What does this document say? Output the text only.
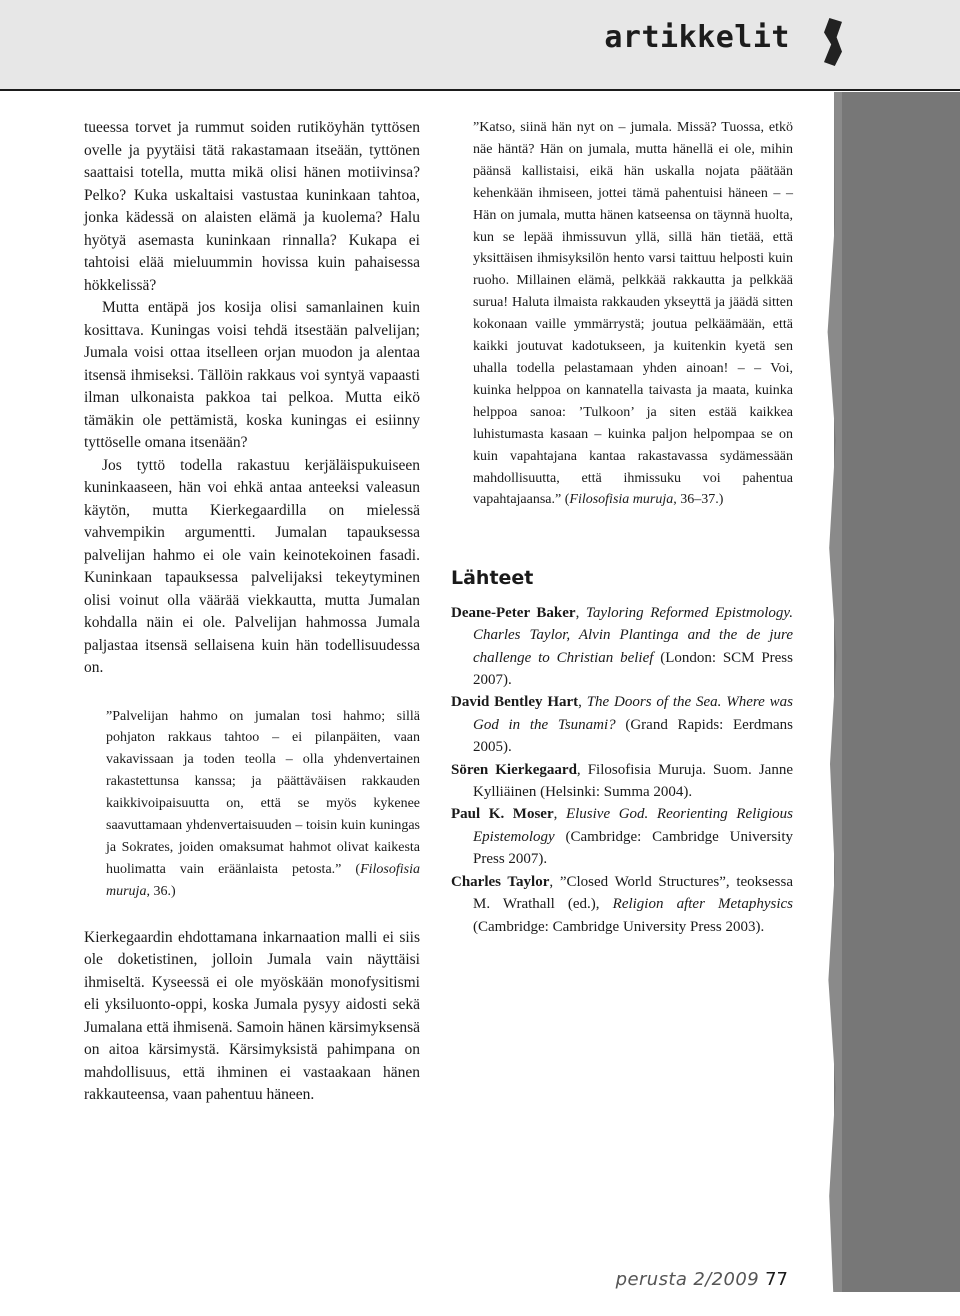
artikkelit

tueessa torvet ja rummut soiden rutiköyhän tyttösen ovelle ja pyytäisi tätä rakastamaan itseään, tyttönen saattaisi totella, mutta mikä olisi hänen motiivinsa? Pelko? Kuka uskaltaisi vastustaa kuninkaan tahtoa, jonka kädessä on alaisten elämä ja kuolema? Halu hyötyä asemasta kuninkaan rinnalla? Kukapa ei tahtoisi elää mieluummin hovissa kuin pahaisessa hökkelissä?

Mutta entäpä jos kosija olisi samanlainen kuin kosittava. Kuningas voisi tehdä itsestään palvelijan; Jumala voisi ottaa itselleen orjan muodon ja alentaa itsensä ihmiseksi. Tällöin rakkaus voi syntyä vapaasti ilman ulkonaista pakkoa tai pelkoa. Mutta eikö tämäkin ole pettämistä, koska kuningas ei esiinny tyttöselle omana itsenään?

Jos tyttö todella rakastuu kerjäläispukuiseen kuninkaaseen, hän voi ehkä antaa anteeksi valeasun käytön, mutta Kierkegaardilla on mielessä vahvempikin argumentti. Jumalan tapauksessa palvelijan hahmo ei ole vain keinotekoinen fasadi. Kuninkaan tapauksessa palvelijaksi tekeytyminen olisi voinut olla väärää viekkautta, mutta Jumalan kohdalla näin ei ole. Palvelijan hahmossa Jumala paljastaa itsensä sellaisena kuin hän todellisuudessa on.

”Palvelijan hahmo on jumalan tosi hahmo; sillä pohjaton rakkaus tahtoo – ei pilanpäiten, vaan vakavissaan ja toden teolla – olla yhdenvertainen rakastettunsa kanssa; ja päättäväisen rakkauden kaikkivoipaisuutta on, että se myös kykenee saavuttamaan yhdenvertaisuuden – toisin kuin kuningas ja Sokrates, joiden omaksumat hahmot olivat kaikesta huolimatta vain eräänlaista petosta.” (Filosofisia muruja, 36.)

Kierkegaardin ehdottamana inkarnaation malli ei siis ole doketistinen, jolloin Jumala vain näyttäisi ihmiseltä. Kyseessä ei ole myöskään monofysitismi eli yksiluonto-oppi, koska Jumala pysyy aidosti sekä Jumalana että ihmisenä. Samoin hänen kärsimyksensä on aitoa kärsimystä. Kärsimyksistä pahimpana on mahdollisuus, että ihminen ei vastaakaan hänen rakkauteensa, vaan pahentuu häneen.

”Katso, siinä hän nyt on – jumala. Missä? Tuossa, etkö näe häntä? Hän on jumala, mutta hänellä ei ole, mihin päänsä kallistaisi, eikä hän uskalla nojata päätään kehenkään ihmiseen, jottei tämä pahentuisi häneen – – Hän on jumala, mutta hänen katseensa on täynnä huolta, kun se lepää ihmissuvun yllä, sillä hän tietää, että yksittäisen ihmisyksilön hento varsi taittuu helposti kuin ruoho. Millainen elämä, pelkkää rakkautta ja pelkkää surua! Haluta ilmaista rakkauden ykseyttä ja jäädä sitten kokonaan vaille ymmärrystä; joutua pelkäämään, että kaikki joutuvat kadotukseen, ja kuitenkin kyetä sen uhalla todella pelastamaan yhden ainoan! – – Voi, kuinka helppoa on kannatella taivasta ja maata, kuinka helppoa sanoa: ’Tulkoon’ ja siten estää kaikkea luhistumasta kasaan – kuinka paljon helpompaa se on kuin vapahtajana kantaa rakastavassa sydämessään mahdollisuutta, että ihmissuku voi pahentua vapahtajaansa.” (Filosofisia muruja, 36–37.)

Lähteet

Deane-Peter Baker, Tayloring Reformed Epistmology. Charles Taylor, Alvin Plantinga and the de jure challenge to Christian belief (London: SCM Press 2007).

David Bentley Hart, The Doors of the Sea. Where was God in the Tsunami? (Grand Rapids: Eerdmans 2005).

Sören Kierkegaard, Filosofisia Muruja. Suom. Janne Kylliäinen (Helsinki: Summa 2004).

Paul K. Moser, Elusive God. Reorienting Religious Epistemology (Cambridge: Cambridge University Press 2007).

Charles Taylor, ”Closed World Structures”, teoksessa M. Wrathall (ed.), Religion after Metaphysics (Cambridge: Cambridge University Press 2003).

perusta 2/2009 77
